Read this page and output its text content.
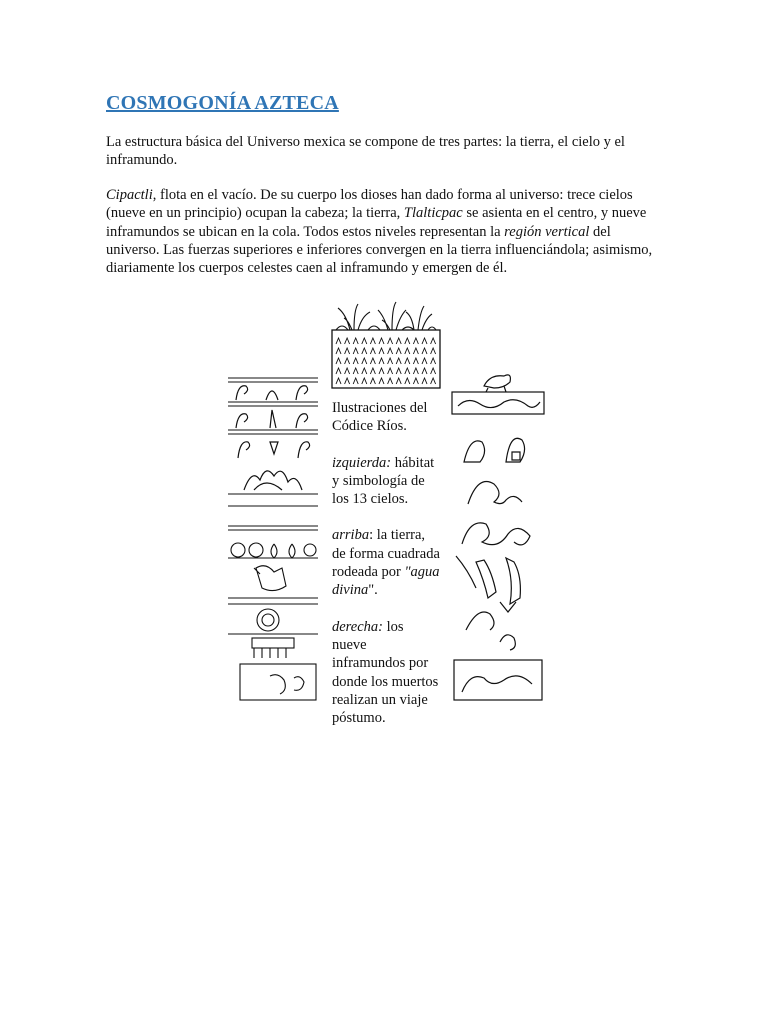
COSMOGONÍA AZTECA

La estructura básica del Universo mexica se compone de tres partes: la tierra, el cielo y el inframundo.

Cipactli, flota en el vacío. De su cuerpo los dioses han dado forma al universo: trece cielos (nueve en un principio) ocupan la cabeza; la tierra, Tlalticpac se asienta en el centro, y nueve inframundos se ubican en la cola. Todos estos niveles representan la región vertical del universo. Las fuerzas superiores e inferiores convergen en la tierra influenciándola; asimismo, diariamente los cuerpos celestes caen al inframundo y emergen de él.

Ilustraciones del Códice Ríos.

izquierda: hábitat y simbología de los 13 cielos.

arriba: la tierra, de forma cuadrada rodeada por "agua divina".

derecha: los nueve inframundos por donde los muertos realizan un viaje póstumo.
